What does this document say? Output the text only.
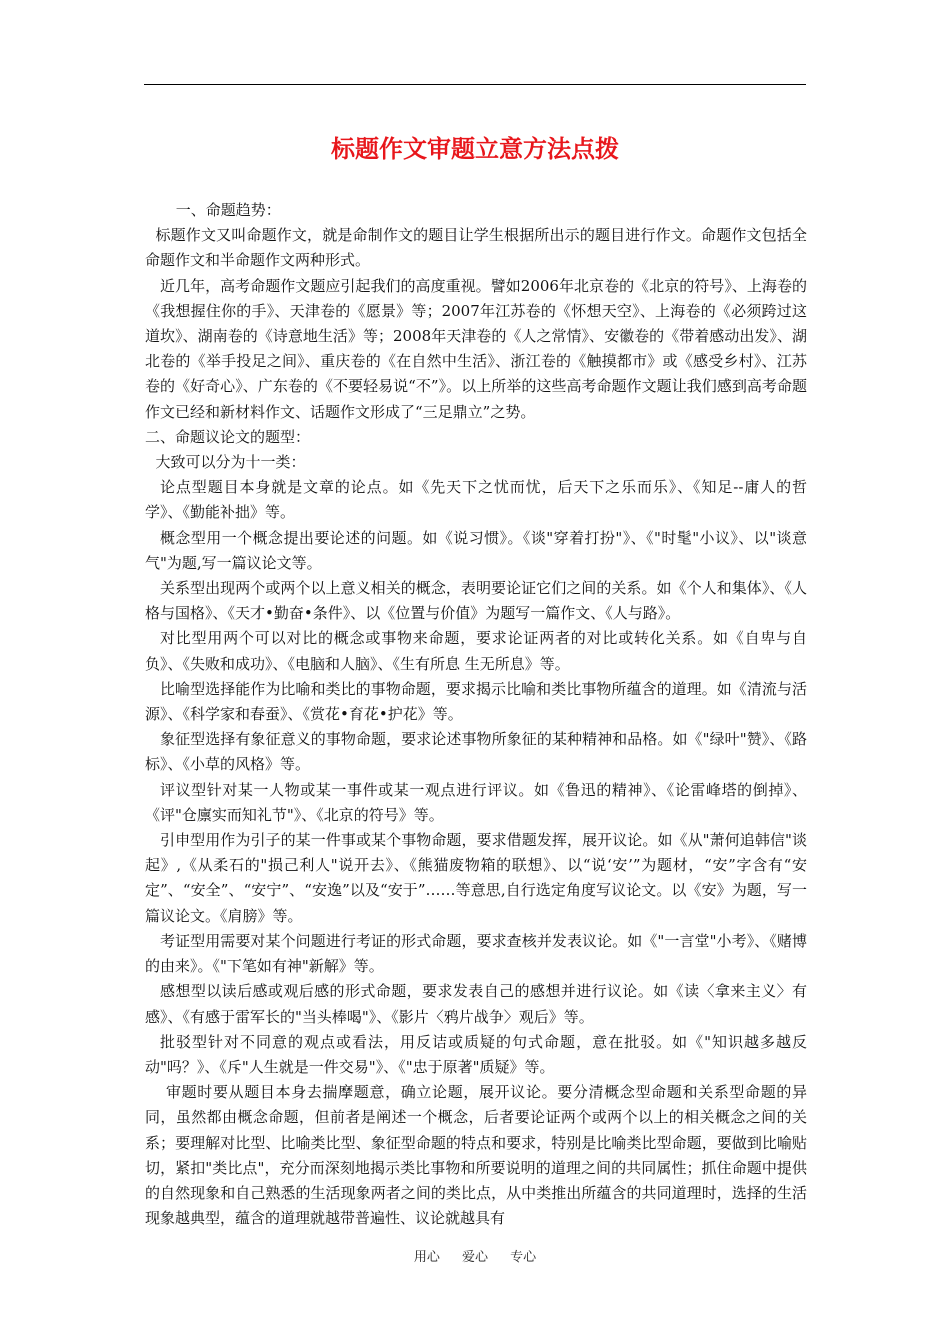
标题作文审题立意方法点拨

一、命题趋势：

标题作文又叫命题作文，就是命制作文的题目让学生根据所出示的题目进行作文。命题作文包括全命题作文和半命题作文两种形式。

近几年，高考命题作文题应引起我们的高度重视。譬如2006年北京卷的《北京的符号》、上海卷的《我想握住你的手》、天津卷的《愿景》等；2007年江苏卷的《怀想天空》、上海卷的《必须跨过这道坎》、湖南卷的《诗意地生活》等；2008年天津卷的《人之常情》、安徽卷的《带着感动出发》、湖北卷的《举手投足之间》、重庆卷的《在自然中生活》、浙江卷的《触摸都市》或《感受乡村》、江苏卷的《好奇心》、广东卷的《不要轻易说“不”》。以上所举的这些高考命题作文题让我们感到高考命题作文已经和新材料作文、话题作文形成了“三足鼎立”之势。

二、命题议论文的题型：

大致可以分为十一类：

论点型题目本身就是文章的论点。如《先天下之忧而忧，后天下之乐而乐》、《知足--庸人的哲学》、《勤能补拙》等。

概念型用一个概念提出要论述的问题。如《说习惯》。《谈"穿着打扮"》、《"时髦"小议》、以"谈意气"为题,写一篇议论文等。

关系型出现两个或两个以上意义相关的概念，表明要论证它们之间的关系。如《个人和集体》、《人格与国格》、《天才•勤奋•条件》、以《位置与价值》为题写一篇作文、《人与路》。

对比型用两个可以对比的概念或事物来命题，要求论证两者的对比或转化关系。如《自卑与自负》、《失败和成功》、《电脑和人脑》、《生有所息 生无所息》等。

比喻型选择能作为比喻和类比的事物命题，要求揭示比喻和类比事物所蕴含的道理。如《清流与活源》、《科学家和春蚕》、《赏花•育花•护花》等。

象征型选择有象征意义的事物命题，要求论述事物所象征的某种精神和品格。如《"绿叶"赞》、《路标》、《小草的风格》等。

评议型针对某一人物或某一事件或某一观点进行评议。如《鲁迅的精神》、《论雷峰塔的倒掉》、《评"仓廪实而知礼节"》、《北京的符号》等。

引申型用作为引子的某一件事或某个事物命题，要求借题发挥，展开议论。如《从"萧何追韩信"谈起》,《从柔石的"损己利人"说开去》、《熊猫废物箱的联想》、以“说‘安’”为题材，“安”字含有“安定”、“安全”、“安宁”、“安逸”以及“安于”……等意思,自行选定角度写议论文。以《安》为题，写一篇议论文。《肩膀》等。

考证型用需要对某个问题进行考证的形式命题，要求查核并发表议论。如《"一言堂"小考》、《赌博的由来》。《"下笔如有神"新解》等。

感想型以读后感或观后感的形式命题，要求发表自己的感想并进行议论。如《读〈拿来主义〉有感》、《有感于雷军长的"当头棒喝"》、《影片〈鸦片战争〉观后》等。

批驳型针对不同意的观点或看法，用反诘或质疑的句式命题，意在批驳。如《"知识越多越反动"吗？》、《斥"人生就是一件交易"》、《"忠于原著"质疑》等。

审题时要从题目本身去揣摩题意，确立论题，展开议论。要分清概念型命题和关系型命题的异同，虽然都由概念命题，但前者是阐述一个概念，后者要论证两个或两个以上的相关概念之间的关系；要理解对比型、比喻类比型、象征型命题的特点和要求，特别是比喻类比型命题，要做到比喻贴切，紧扣"类比点"，充分而深刻地揭示类比事物和所要说明的道理之间的共同属性；抓住命题中提供的自然现象和自己熟悉的生活现象两者之间的类比点，从中类推出所蕴含的共同道理时，选择的生活现象越典型，蕴含的道理就越带普遍性、议论就越具有

用心 爱心 专心
